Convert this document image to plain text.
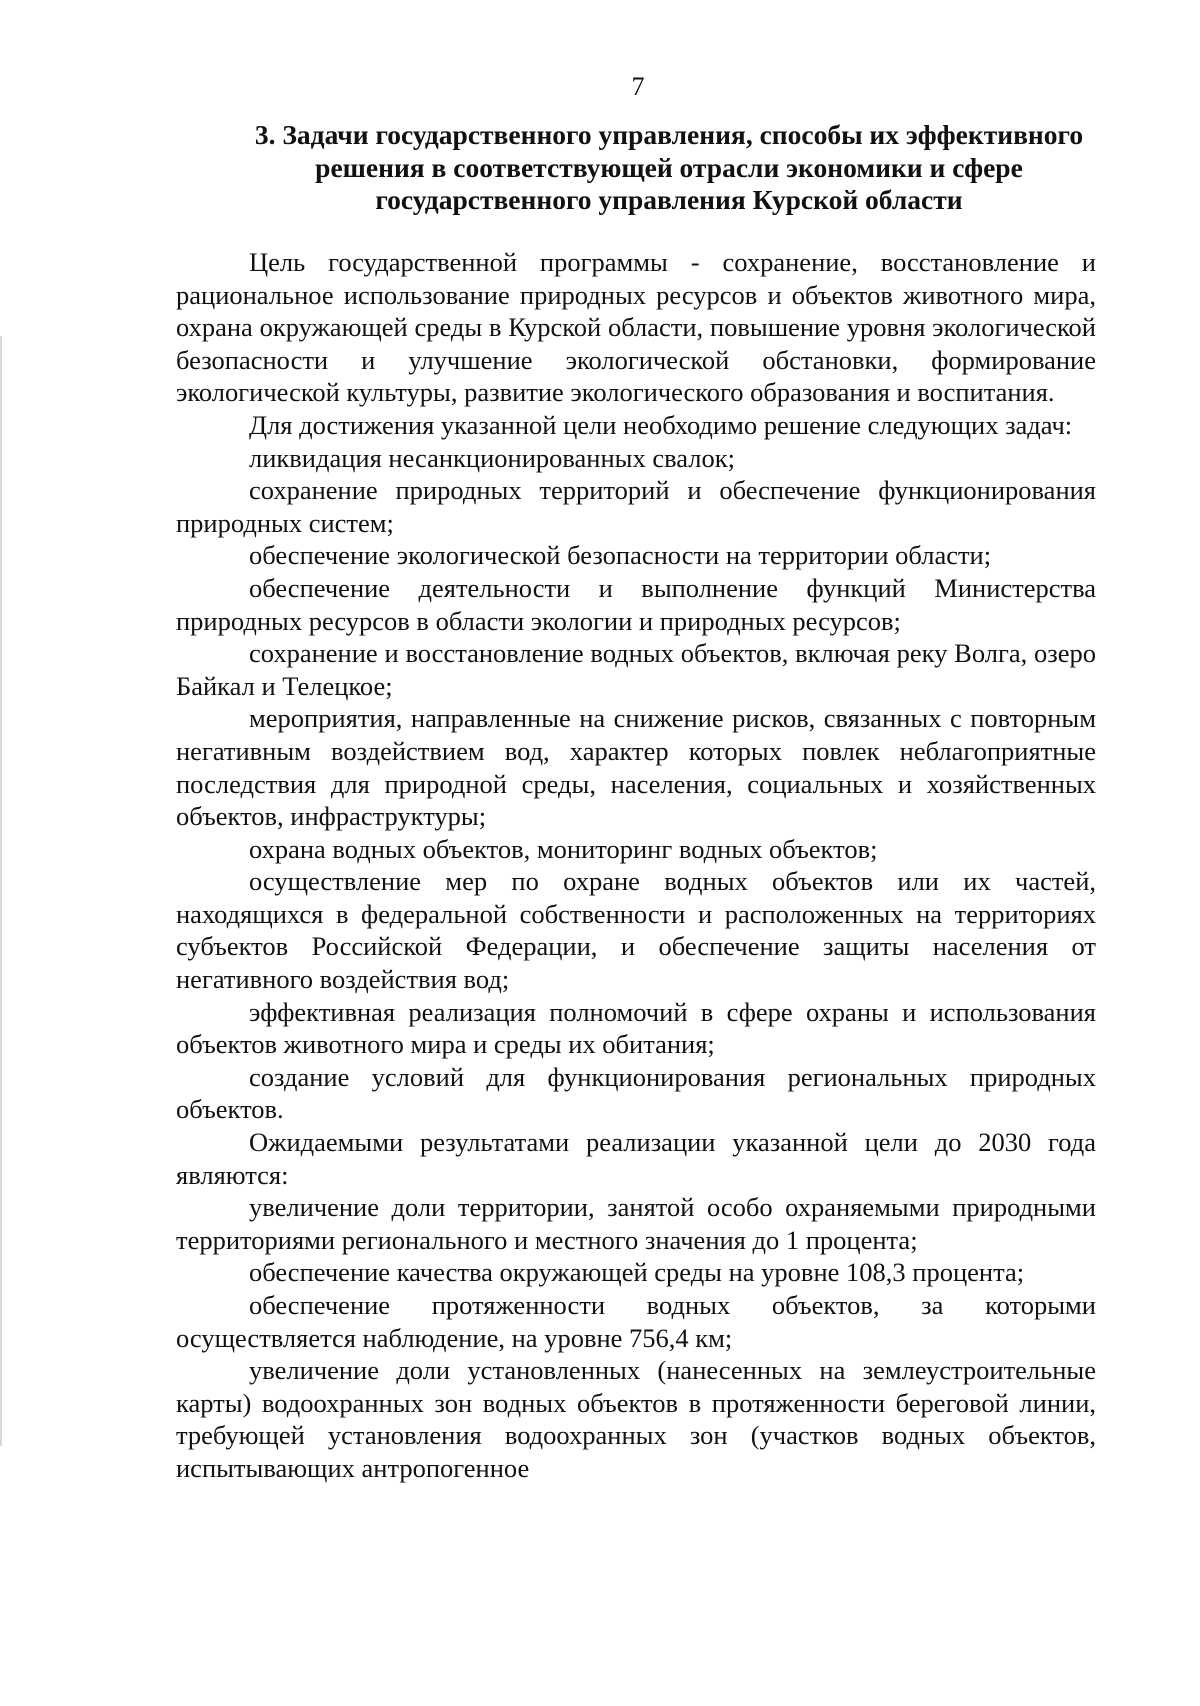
7
3. Задачи государственного управления, способы их эффективного
решения в соответствующей отрасли экономики и сфере
государственного управления Курской области

Цель государственной программы - сохранение, восстановление и рациональное использование природных ресурсов и объектов животного мира, охрана окружающей среды в Курской области, повышение уровня экологической безопасности и улучшение экологической обстановки, формирование экологической культуры, развитие экологического образования и воспитания.

Для достижения указанной цели необходимо решение следующих задач:

ликвидация несанкционированных свалок;

сохранение природных территорий и обеспечение функционирования природных систем;

обеспечение экологической безопасности на территории области;

обеспечение деятельности и выполнение функций Министерства природных ресурсов в области экологии и природных ресурсов;

сохранение и восстановление водных объектов, включая реку Волга, озеро Байкал и Телецкое;

мероприятия, направленные на снижение рисков, связанных с повторным негативным воздействием вод, характер которых повлек неблагоприятные последствия для природной среды, населения, социальных и хозяйственных объектов, инфраструктуры;

охрана водных объектов, мониторинг водных объектов;

осуществление мер по охране водных объектов или их частей, находящихся в федеральной собственности и расположенных на территориях субъектов Российской Федерации, и обеспечение защиты населения от негативного воздействия вод;

эффективная реализация полномочий в сфере охраны и использования объектов животного мира и среды их обитания;

создание условий для функционирования региональных природных объектов.

Ожидаемыми результатами реализации указанной цели до 2030 года являются:

увеличение доли территории, занятой особо охраняемыми природными территориями регионального и местного значения до 1 процента;

обеспечение качества окружающей среды на уровне 108,3 процента;

обеспечение протяженности водных объектов, за которыми осуществляется наблюдение, на уровне 756,4 км;

увеличение доли установленных (нанесенных на землеустроительные карты) водоохранных зон водных объектов в протяженности береговой линии, требующей установления водоохранных зон (участков водных объектов, испытывающих антропогенное
